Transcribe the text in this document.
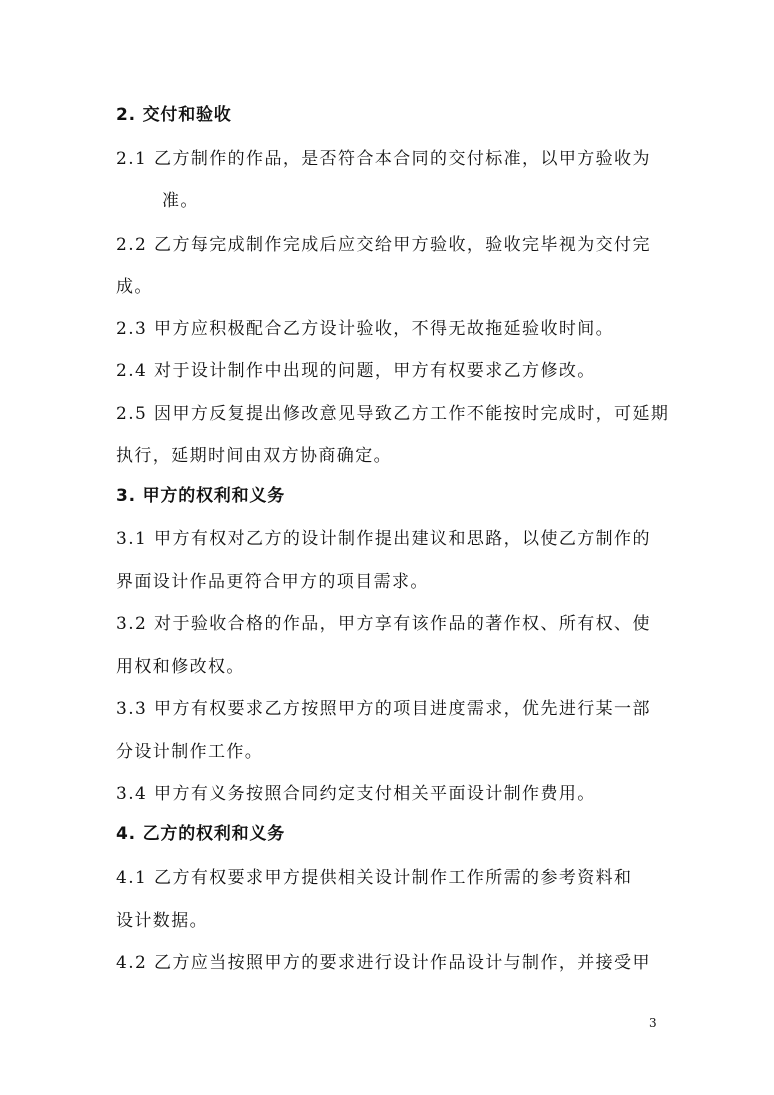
2. 交付和验收
2.1 乙方制作的作品，是否符合本合同的交付标准，以甲方验收为
准。
2.2 乙方每完成制作完成后应交给甲方验收，验收完毕视为交付完
成。
2.3 甲方应积极配合乙方设计验收，不得无故拖延验收时间。
2.4 对于设计制作中出现的问题，甲方有权要求乙方修改。
2.5 因甲方反复提出修改意见导致乙方工作不能按时完成时，可延期
执行，延期时间由双方协商确定。
3. 甲方的权利和义务
3.1 甲方有权对乙方的设计制作提出建议和思路，以使乙方制作的
界面设计作品更符合甲方的项目需求。
3.2 对于验收合格的作品，甲方享有该作品的著作权、所有权、使
用权和修改权。
3.3 甲方有权要求乙方按照甲方的项目进度需求，优先进行某一部
分设计制作工作。
3.4 甲方有义务按照合同约定支付相关平面设计制作费用。
4. 乙方的权利和义务
4.1 乙方有权要求甲方提供相关设计制作工作所需的参考资料和
设计数据。
4.2 乙方应当按照甲方的要求进行设计作品设计与制作，并接受甲
3
